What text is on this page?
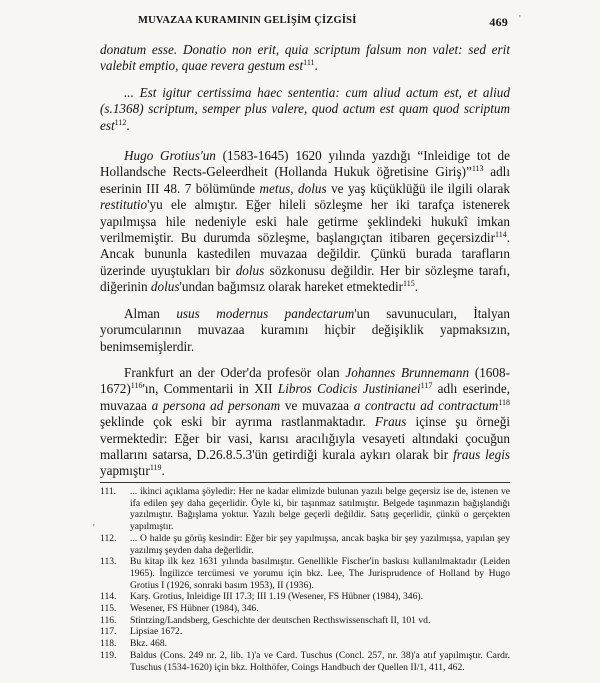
MUVAZAA KURAMININ GELİŞİM ÇİZGİSİ	469 '
'

donatum esse. Donatio non erit, quia scriptum falsum non valet: sed erit valebit emptio, quae revera gestum est$^{111}$.

... Est igitur certissima haec sententia: cum aliud actum est, et aliud (s.1368) scriptum, semper plus valere, quod actum est quam quod scriptum est$^{112}$.

Hugo Grotius'un (1583-1645) 1620 yılında yazdığı “Inleidige tot de Hollandsche Rects-Geleerdheit (Hollanda Hukuk öğretisine Giriş)”$^{113}$ adlı eserinin III 48. 7 bölümünde metus, dolus ve yaş küçüklüğü ile ilgili olarak restitutio'yu ele almıştır. Eğer hileli sözleşme her iki tarafça istenerek yapılmışsa hile nedeniyle eski hale getirme şeklindeki hukukî imkan verilmemiştir. Bu durumda sözleşme, başlangıçtan itibaren geçersizdir$^{114}$. Ancak bununla kastedilen muvazaa değildir. Çünkü burada tarafların üzerinde uyuştukları bir dolus sözkonusu değildir. Her bir sözleşme tarafı, diğerinin dolus'undan bağımsız olarak hareket etmektedir$^{115}$.

Alman usus modernus pandectarum'un savunucuları, İtalyan yorumcularının muvazaa kuramını hiçbir değişiklik yapmaksızın, benimsemişlerdir.

Frankfurt an der Oder'da profesör olan Johannes Brunnemann (1608-1672)$^{116}$'ın, Commentarii in XII Libros Codicis Justinianei$^{117}$ adlı eserinde, muvazaa a persona ad personam ve muvazaa a contractu ad contractum$^{118}$ şeklinde çok eski bir ayrıma rastlanmaktadır. Fraus içinse şu örneği vermektedir: Eğer bir vasi, karısı aracılığıyla vesayeti altındaki çocuğun mallarını satarsa, D.26.8.5.3'ün getirdiği kurala aykırı olarak bir fraus legis yapmıştır$^{119}$.

111.	... ikinci açıklama şöyledir: Her ne kadar elimizde bulunan yazılı belge geçersiz ise de, istenen ve ifa edilen şey daha geçerlidir. Öyle ki, bir taşınmaz satılmıştır. Belgede taşınmazın bağışlandığı yazılmıştır. Bağışlama yoktur. Yazılı belge geçerli değildir. Satış geçerlidir, çünkü o gerçekten yapılmıştır.
112.	... O halde şu görüş kesindir: Eğer bir şey yapılmışsa, ancak başka bir şey yazılmışsa, yapılan şey yazılmış şeyden daha değerlidir.
113.	Bu kitap ilk kez 1631 yılında basılmıştır. Genellikle Fischer'in baskısı kullanılmaktadır (Leiden 1965). İngilizce tercümesi ve yorumu için bkz. Lee, The Jurisprudence of Holland by Hugo Grotius I (1926, sonraki basım 1953), II (1936).
114.	Karş. Grotius, Inleidige III 17.3; III 1.19 (Wesener, FS Hübner (1984), 346).
115.	Wesener, FS Hübner (1984), 346.
116.	Stintzing/Landsberg, Geschichte der deutschen Recthswissenschaft II, 101 vd.
117.	Lipsiae 1672.
118.	Bkz. 468.
119.	Baldus (Cons. 249 nr. 2, lib. 1)'a ve Card. Tuschus (Concl. 257, nr. 38)'a atıf yapılmıştır. Cardr. Tuschus (1534-1620) için bkz. Holthöfer, Coings Handbuch der Quellen II/1, 411, 462.
